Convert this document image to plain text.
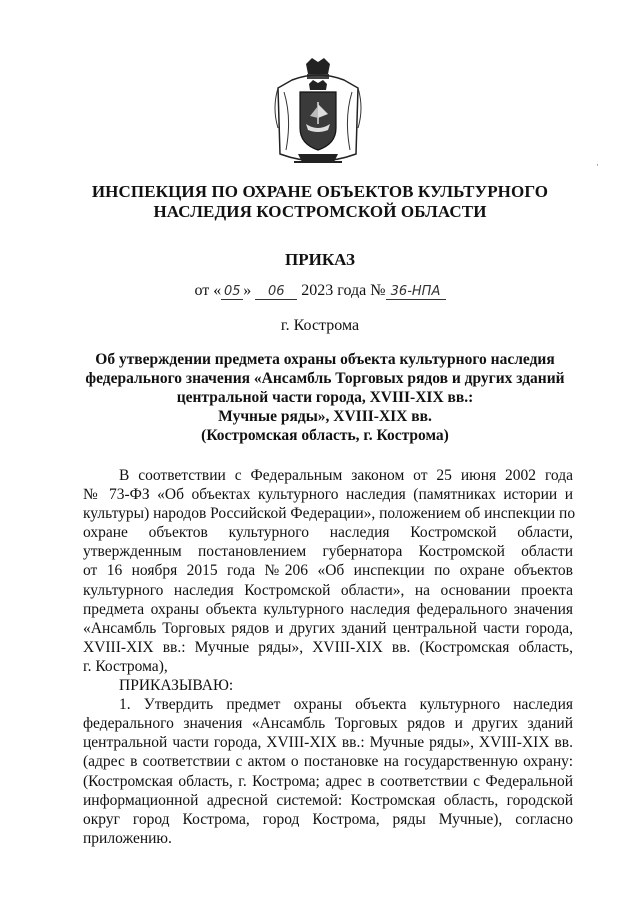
·
ИНСПЕКЦИЯ ПО ОХРАНЕ ОБЪЕКТОВ КУЛЬТУРНОГО
НАСЛЕДИЯ КОСТРОМСКОЙ ОБЛАСТИ
ПРИКАЗ
от « 05 » 06 2023 года № 36-НПА
г. Кострома
Об утверждении предмета охраны объекта культурного наследия
федерального значения «Ансамбль Торговых рядов и других зданий
центральной части города, XVIII-XIX вв.:
Мучные ряды», XVIII-XIX вв.
(Костромская область, г. Кострома)
В соответствии с Федеральным законом от 25 июня 2002 года
№ 73-ФЗ «Об объектах культурного наследия (памятниках истории и
культуры) народов Российской Федерации», положением об инспекции по
охране объектов культурного наследия Костромской области,
утвержденным постановлением губернатора Костромской области
от 16 ноября 2015 года №206 «Об инспекции по охране объектов
культурного наследия Костромской области», на основании проекта
предмета охраны объекта культурного наследия федерального значения
«Ансамбль Торговых рядов и других зданий центральной части города,
XVIII-XIX вв.: Мучные ряды», XVIII-XIX вв. (Костромская область,
г. Кострома),
ПРИКАЗЫВАЮ:
1. Утвердить предмет охраны объекта культурного наследия
федерального значения «Ансамбль Торговых рядов и других зданий
центральной части города, XVIII-XIX вв.: Мучные ряды», XVIII-XIX вв.
(адрес в соответствии с актом о постановке на государственную охрану:
(Костромская область, г. Кострома; адрес в соответствии с Федеральной
информационной адресной системой: Костромская область, городской
округ город Кострома, город Кострома, ряды Мучные), согласно
приложению.
